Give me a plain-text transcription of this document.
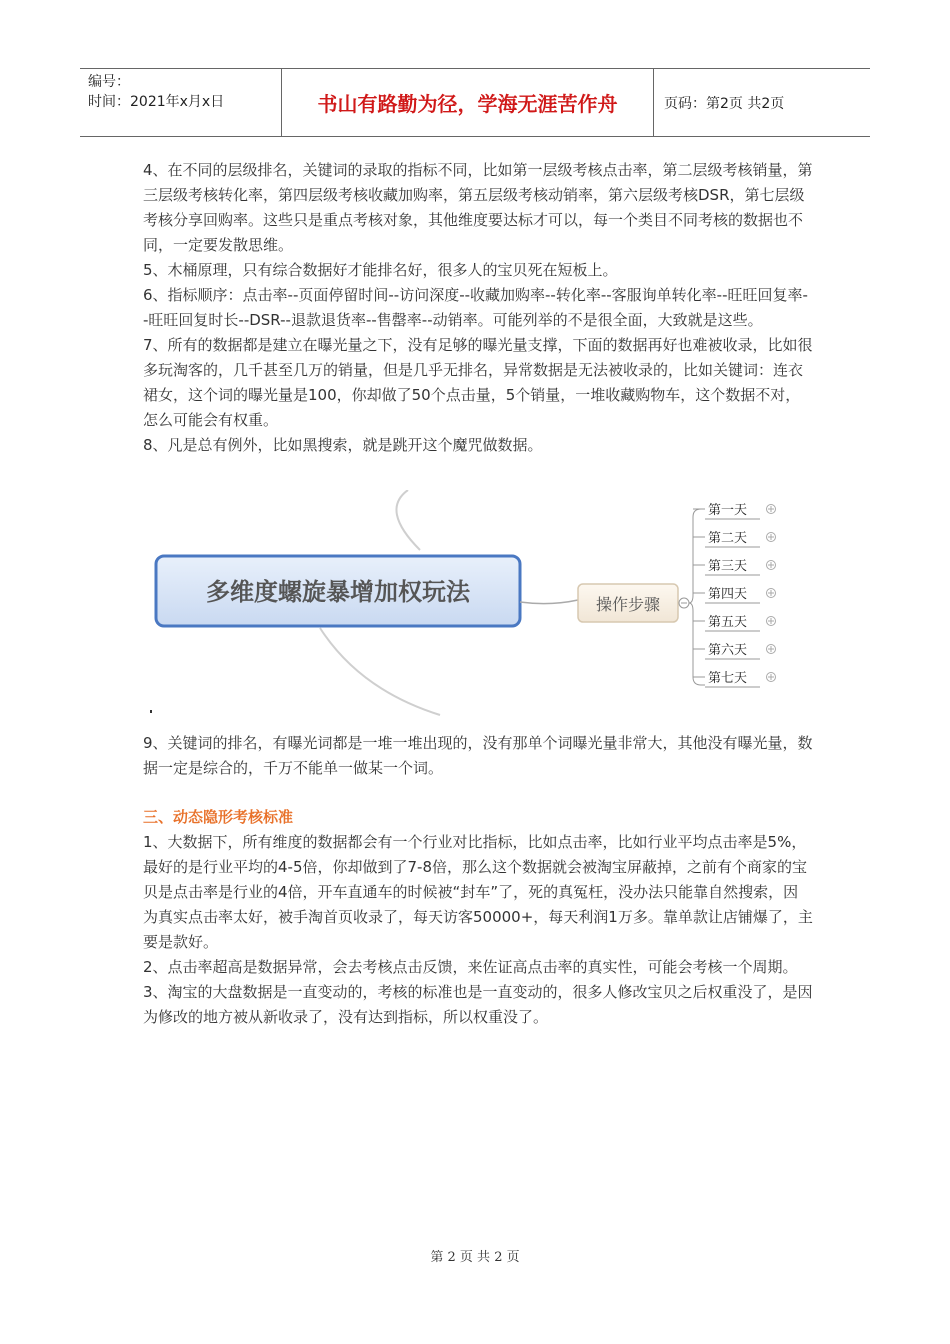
编号：
时间：2021年x月x日	书山有路勤为径，学海无涯苦作舟	页码：第2页 共2页

4、在不同的层级排名，关键词的录取的指标不同，比如第一层级考核点击率，第二层级考核销量，第三层级考核转化率，第四层级考核收藏加购率，第五层级考核动销率，第六层级考核DSR，第七层级考核分享回购率。这些只是重点考核对象，其他维度要达标才可以，每一个类目不同考核的数据也不同，一定要发散思维。

5、木桶原理，只有综合数据好才能排名好，很多人的宝贝死在短板上。

6、指标顺序：点击率--页面停留时间--访问深度--收藏加购率--转化率--客服询单转化率--旺旺回复率--旺旺回复时长--DSR--退款退货率--售罄率--动销率。可能列举的不是很全面，大致就是这些。

7、所有的数据都是建立在曝光量之下，没有足够的曝光量支撑，下面的数据再好也难被收录，比如很多玩淘客的，几千甚至几万的销量，但是几乎无排名，异常数据是无法被收录的，比如关键词：连衣裙女，这个词的曝光量是100，你却做了50个点击量，5个销量，一堆收藏购物车，这个数据不对，怎么可能会有权重。

8、凡是总有例外，比如黑搜索，就是跳开这个魔咒做数据。

多维度螺旋暴增加权玩法	操作步骤
第一天
第二天
第三天
第四天
第五天
第六天
第七天

9、关键词的排名，有曝光词都是一堆一堆出现的，没有那单个词曝光量非常大，其他没有曝光量，数据一定是综合的，千万不能单一做某一个词。

三、动态隐形考核标准

1、大数据下，所有维度的数据都会有一个行业对比指标，比如点击率，比如行业平均点击率是5%，最好的是行业平均的4-5倍，你却做到了7-8倍，那么这个数据就会被淘宝屏蔽掉，之前有个商家的宝贝是点击率是行业的4倍，开车直通车的时候被“封车”了，死的真冤枉，没办法只能靠自然搜索，因为真实点击率太好，被手淘首页收录了，每天访客50000+，每天利润1万多。靠单款让店铺爆了，主要是款好。

2、点击率超高是数据异常，会去考核点击反馈，来佐证高点击率的真实性，可能会考核一个周期。

3、淘宝的大盘数据是一直变动的，考核的标准也是一直变动的，很多人修改宝贝之后权重没了，是因为修改的地方被从新收录了，没有达到指标，所以权重没了。

第 2 页 共 2 页
